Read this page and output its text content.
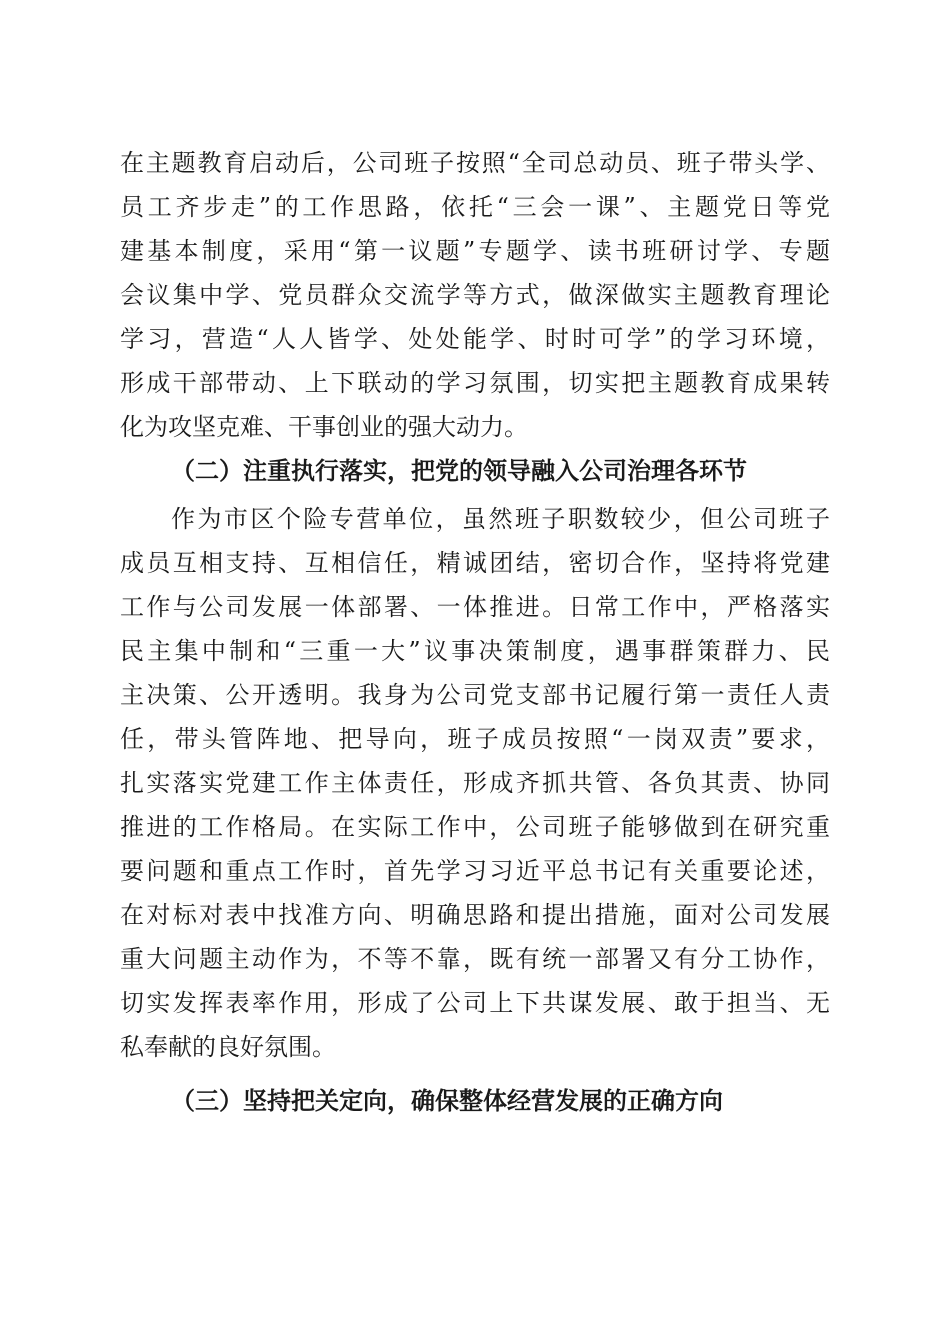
在主题教育启动后，公司班子按照“全司总动员、班子带头学、
员工齐步走”的工作思路，依托“三会一课”、主题党日等党
建基本制度，采用“第一议题”专题学、读书班研讨学、专题
会议集中学、党员群众交流学等方式，做深做实主题教育理论
学习，营造“人人皆学、处处能学、时时可学”的学习环境，
形成干部带动、上下联动的学习氛围，切实把主题教育成果转
化为攻坚克难、干事创业的强大动力。
（二）注重执行落实，把党的领导融入公司治理各环节
作为市区个险专营单位，虽然班子职数较少，但公司班子
成员互相支持、互相信任，精诚团结，密切合作，坚持将党建
工作与公司发展一体部署、一体推进。日常工作中，严格落实
民主集中制和“三重一大”议事决策制度，遇事群策群力、民
主决策、公开透明。我身为公司党支部书记履行第一责任人责
任，带头管阵地、把导向，班子成员按照“一岗双责”要求，
扎实落实党建工作主体责任，形成齐抓共管、各负其责、协同
推进的工作格局。在实际工作中，公司班子能够做到在研究重
要问题和重点工作时，首先学习习近平总书记有关重要论述，
在对标对表中找准方向、明确思路和提出措施，面对公司发展
重大问题主动作为，不等不靠，既有统一部署又有分工协作，
切实发挥表率作用，形成了公司上下共谋发展、敢于担当、无
私奉献的良好氛围。
（三）坚持把关定向，确保整体经营发展的正确方向
